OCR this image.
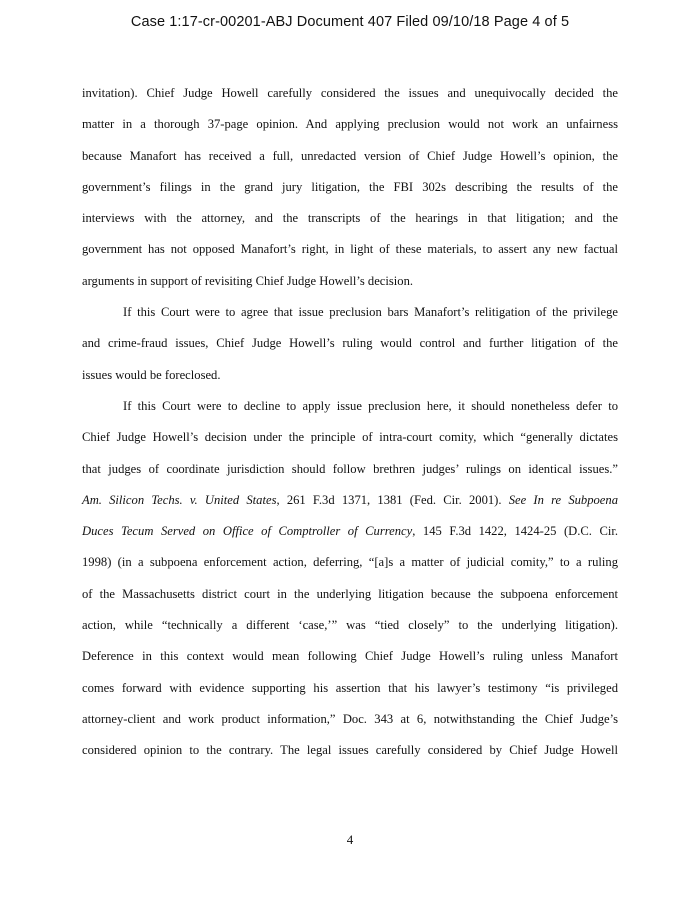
Case 1:17-cr-00201-ABJ Document 407 Filed 09/10/18 Page 4 of 5
invitation). Chief Judge Howell carefully considered the issues and unequivocally decided the
matter in a thorough 37-page opinion. And applying preclusion would not work an unfairness
because Manafort has received a full, unredacted version of Chief Judge Howell’s opinion, the
government’s filings in the grand jury litigation, the FBI 302s describing the results of the
interviews with the attorney, and the transcripts of the hearings in that litigation; and the
government has not opposed Manafort’s right, in light of these materials, to assert any new factual
arguments in support of revisiting Chief Judge Howell’s decision.
If this Court were to agree that issue preclusion bars Manafort’s relitigation of the privilege
and crime-fraud issues, Chief Judge Howell’s ruling would control and further litigation of the
issues would be foreclosed.
If this Court were to decline to apply issue preclusion here, it should nonetheless defer to
Chief Judge Howell’s decision under the principle of intra-court comity, which “generally dictates
that judges of coordinate jurisdiction should follow brethren judges’ rulings on identical issues.”
Am. Silicon Techs. v. United States, 261 F.3d 1371, 1381 (Fed. Cir. 2001). See In re Subpoena
Duces Tecum Served on Office of Comptroller of Currency, 145 F.3d 1422, 1424-25 (D.C. Cir.
1998) (in a subpoena enforcement action, deferring, “[a]s a matter of judicial comity,” to a ruling
of the Massachusetts district court in the underlying litigation because the subpoena enforcement
action, while “technically a different ‘case,’” was “tied closely” to the underlying litigation).
Deference in this context would mean following Chief Judge Howell’s ruling unless Manafort
comes forward with evidence supporting his assertion that his lawyer’s testimony “is privileged
attorney-client and work product information,” Doc. 343 at 6, notwithstanding the Chief Judge’s
considered opinion to the contrary. The legal issues carefully considered by Chief Judge Howell
4
